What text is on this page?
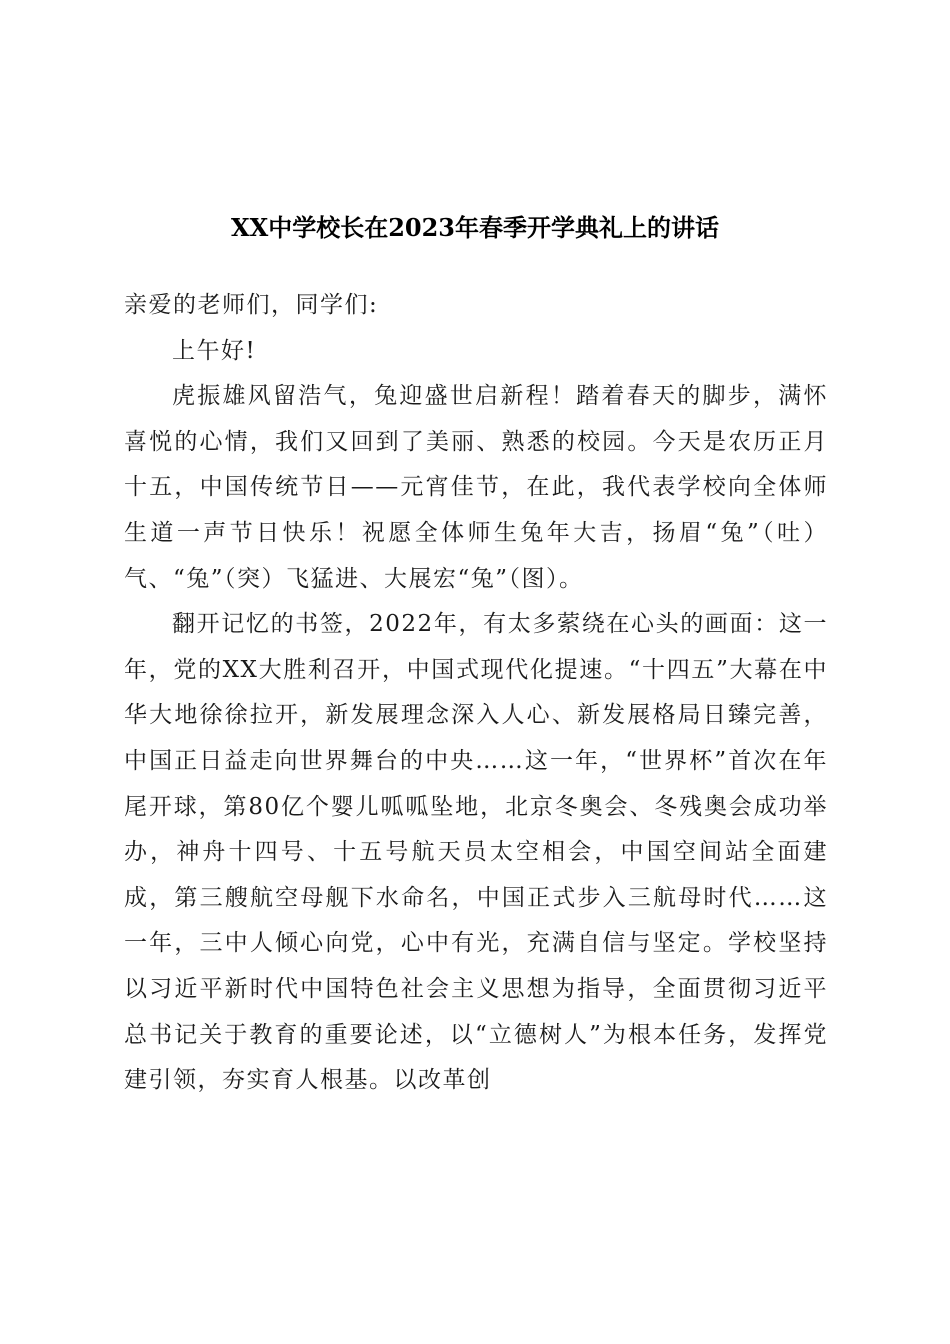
XX中学校长在2023年春季开学典礼上的讲话

亲爱的老师们，同学们:

上午好!

虎振雄风留浩气，兔迎盛世启新程！踏着春天的脚步，满怀喜悦的心情，我们又回到了美丽、熟悉的校园。今天是农历正月十五，中国传统节日——元宵佳节，在此，我代表学校向全体师生道一声节日快乐！祝愿全体师生兔年大吉，扬眉“兔”（吐）气、“兔”（突）飞猛进、大展宏“兔”（图）。

翻开记忆的书签，2022年，有太多萦绕在心头的画面：这一年，党的XX大胜利召开，中国式现代化提速。“十四五”大幕在中华大地徐徐拉开，新发展理念深入人心、新发展格局日臻完善，中国正日益走向世界舞台的中央……这一年，“世界杯”首次在年尾开球，第80亿个婴儿呱呱坠地，北京冬奥会、冬残奥会成功举办，神舟十四号、十五号航天员太空相会，中国空间站全面建成，第三艘航空母舰下水命名，中国正式步入三航母时代……这一年，三中人倾心向党，心中有光，充满自信与坚定。学校坚持以习近平新时代中国特色社会主义思想为指导，全面贯彻习近平总书记关于教育的重要论述，以“立德树人”为根本任务，发挥党建引领，夯实育人根基。以改革创
